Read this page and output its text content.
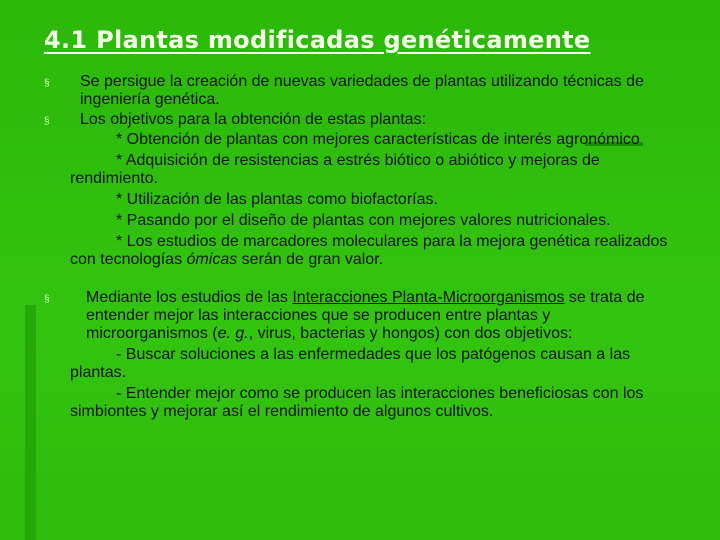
4.1 Plantas modificadas genéticamente
§	Se persigue la creación de nuevas variedades de plantas utilizando técnicas de ingeniería genética.
§	Los objetivos para la obtención de estas plantas:
* Obtención de plantas con mejores características de interés agronómico
* Adquisición de resistencias a estrés biótico o abiótico y mejoras de rendimiento.
* Utilización de las plantas como biofactorías.
* Pasando por el diseño de plantas con mejores valores nutricionales.
* Los estudios de marcadores moleculares para la mejora genética realizados con tecnologías ómicas serán de gran valor.
§	Mediante los estudios de las Interacciones Planta-Microorganismos se trata de entender mejor las interacciones que se producen entre plantas y microorganismos (e. g., virus, bacterias y hongos) con dos objetivos:
- Buscar soluciones a las enfermedades que los patógenos causan a las plantas.
- Entender mejor como se producen las interacciones beneficiosas con los simbiontes y mejorar así el rendimiento de algunos cultivos.
